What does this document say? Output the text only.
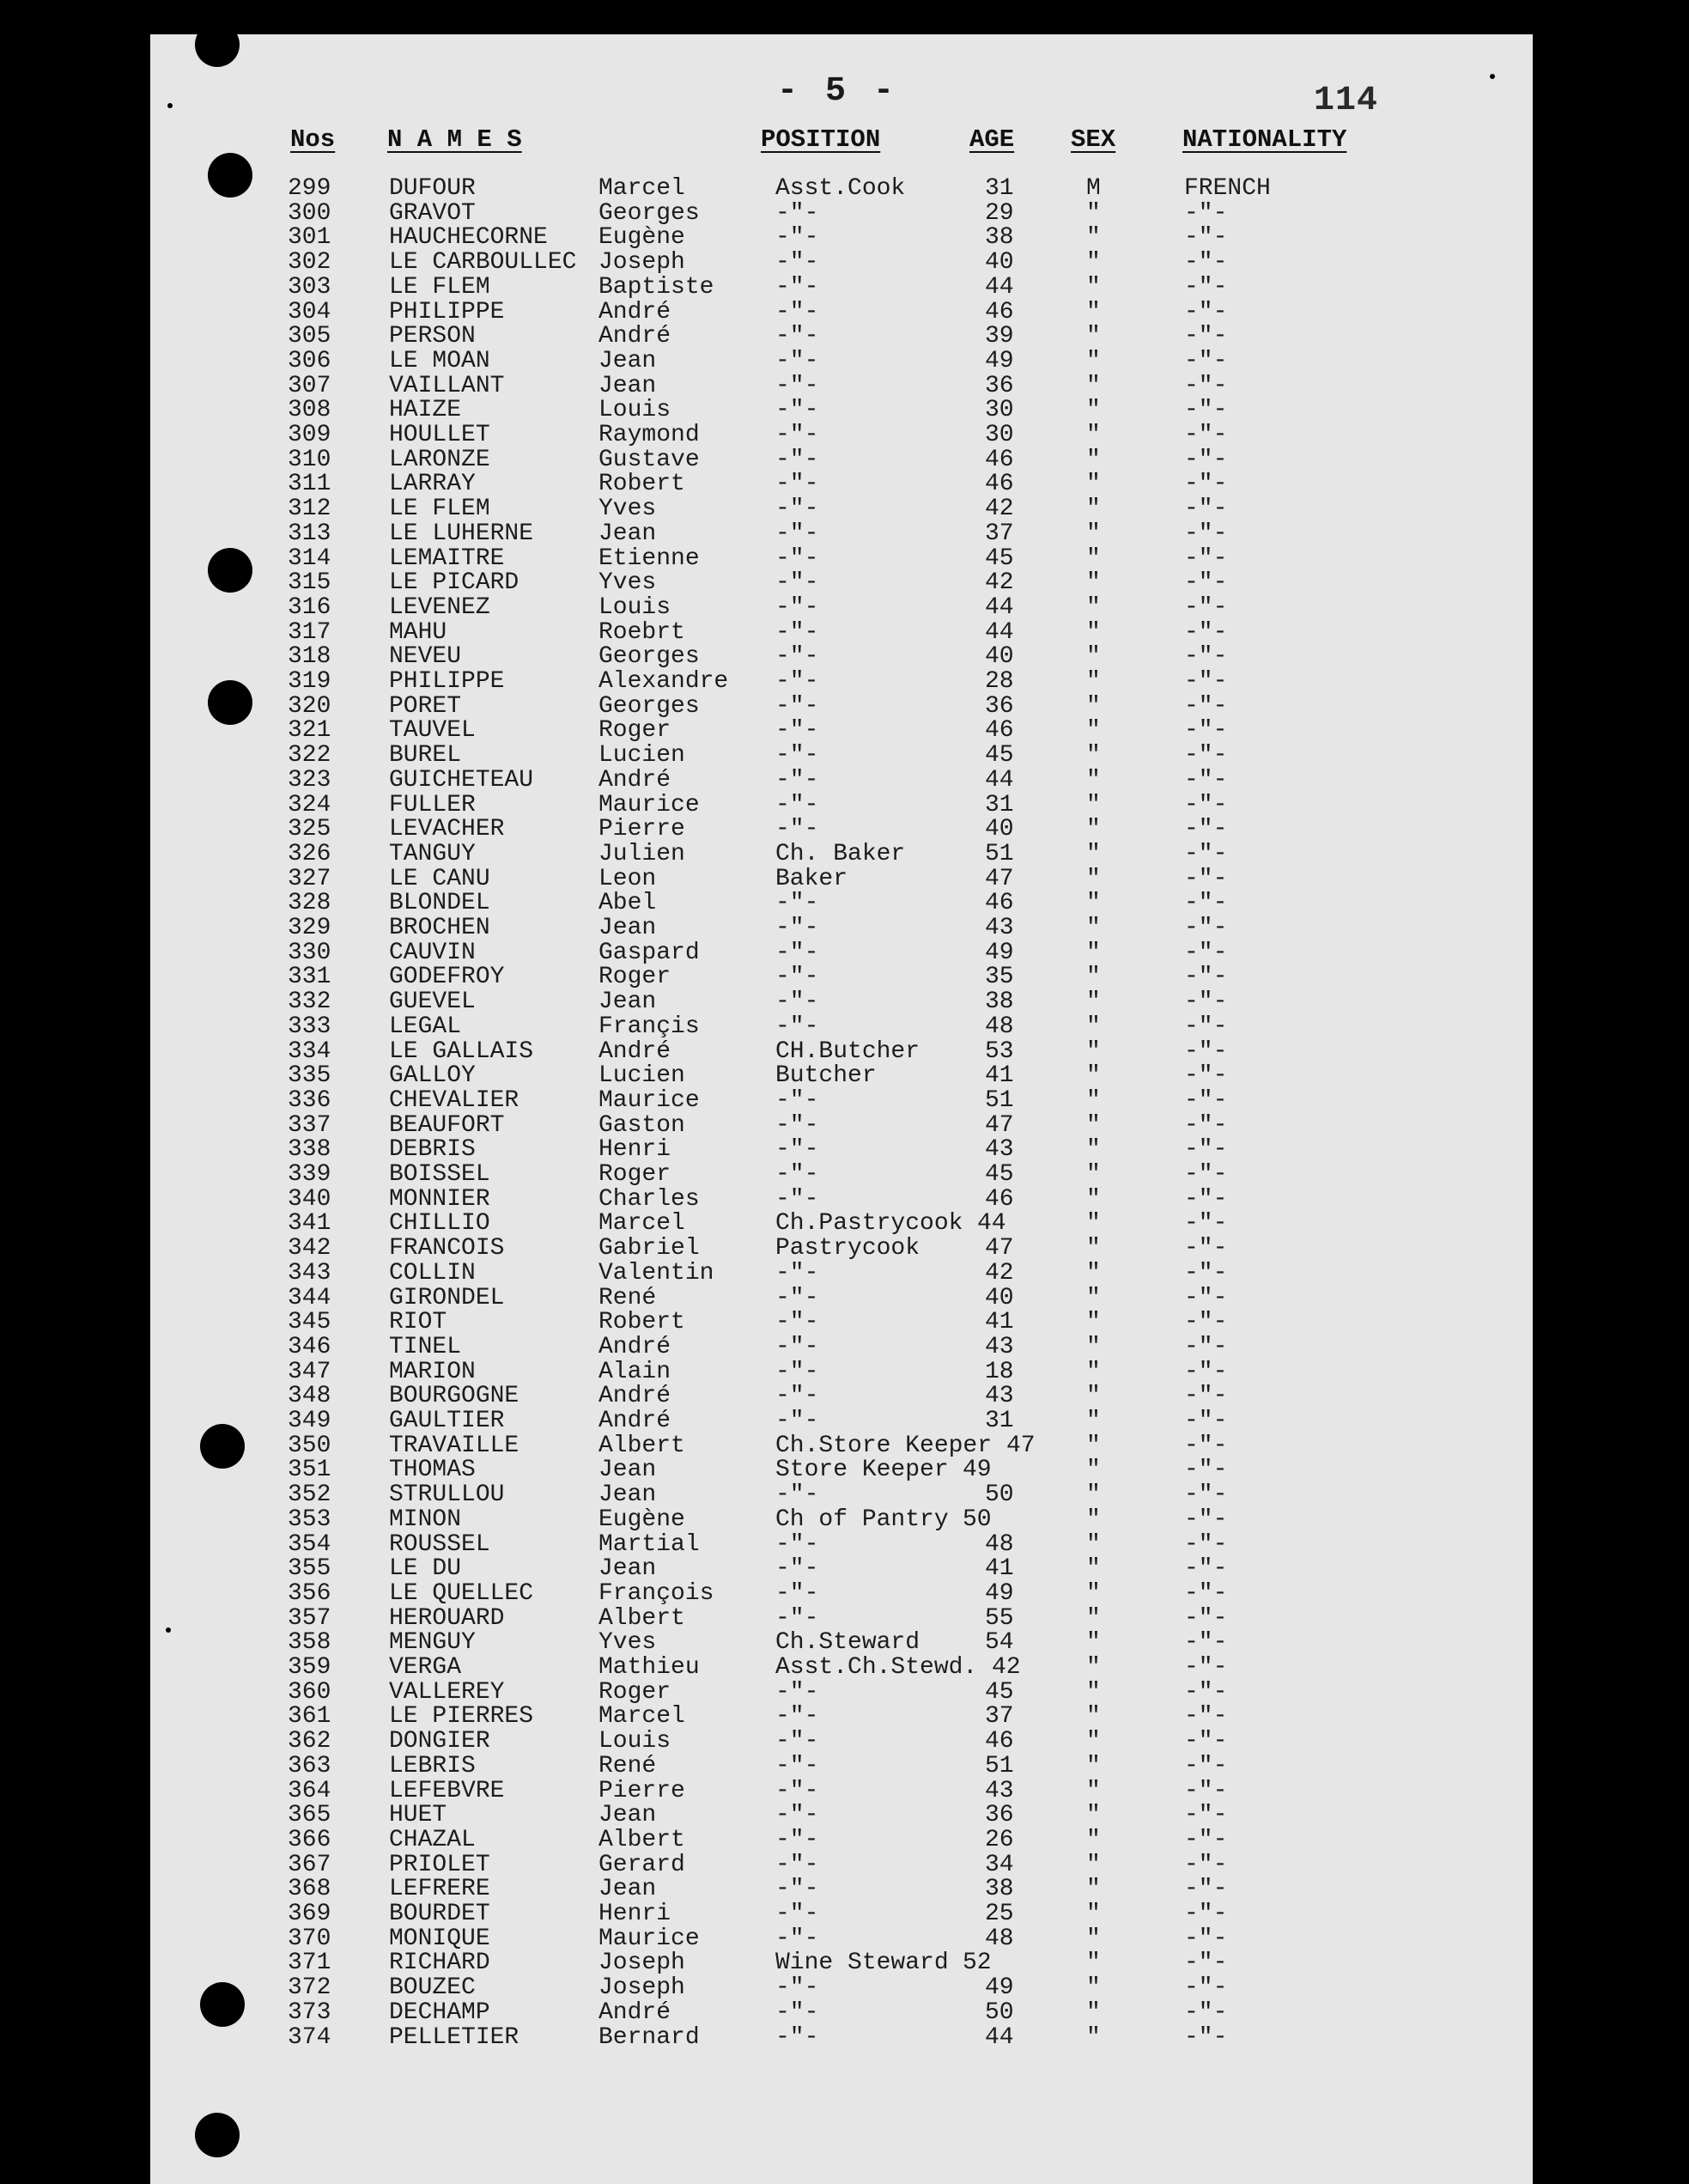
- 5 -	114
Nos N A M E S	POSITION	AGE SEX	NATIONALITY
299 DUFOUR	Marcel	Asst.Cook	31	M	FRENCH
300 GRAVOT	Georges	-"-	29	"	-"-
301 HAUCHECORNE Eugène	-"-	38	"	-"-
302 LE CARBOULLEC Joseph	-"-	40	"	-"-
303 LE FLEM	Baptiste	-"-	44	"	-"-
304 PHILIPPE	André	-"-	46	"	-"-
305 PERSON	André	-"-	39	"	-"-
306 LE MOAN	Jean	-"-	49	"	-"-
307 VAILLANT	Jean	-"-	36	"	-"-
308 HAIZE	Louis	-"-	30	"	-"-
309 HOULLET	Raymond	-"-	30	"	-"-
310 LARONZE	Gustave	-"-	46	"	-"-
311 LARRAY	Robert	-"-	46	"	-"-
312 LE FLEM	Yves	-"-	42	"	-"-
313 LE LUHERNE	Jean	-"-	37	"	-"-
314 LEMAITRE	Etienne	-"-	45	"	-"-
315 LE PICARD	Yves	-"-	42	"	-"-
316 LEVENEZ	Louis	-"-	44	"	-"-
317 MAHU	Roebrt	-"-	44	"	-"-
318 NEVEU	Georges	-"-	40	"	-"-
319 PHILIPPE	Alexandre -"-	28	"	-"-
320 PORET	Georges	-"-	36	"	-"-
321 TAUVEL	Roger	-"-	46	"	-"-
322 BUREL	Lucien	-"-	45	"	-"-
323 GUICHETEAU	André	-"-	44	"	-"-
324 FULLER	Maurice	-"-	31	"	-"-
325 LEVACHER	Pierre	-"-	40	"	-"-
326 TANGUY	Julien	Ch. Baker	51	"	-"-
327 LE CANU	Leon	Baker	47	"	-"-
328 BLONDEL	Abel	-"-	46	"	-"-
329 BROCHEN	Jean	-"-	43	"	-"-
330 CAUVIN	Gaspard	-"-	49	"	-"-
331 GODEFROY	Roger	-"-	35	"	-"-
332 GUEVEL	Jean	-"-	38	"	-"-
333 LEGAL	Françis	-"-	48	"	-"-
334 LE GALLAIS	André	CH.Butcher	53	"	-"-
335 GALLOY	Lucien	Butcher	41	"	-"-
336 CHEVALIER	Maurice	-"-	51	"	-"-
337 BEAUFORT	Gaston	-"-	47	"	-"-
338 DEBRIS	Henri	-"-	43	"	-"-
339 BOISSEL	Roger	-"-	45	"	-"-
340 MONNIER	Charles	-"-	46	"	-"-
341 CHILLIO	Marcel	Ch.Pastrycook 44	"	-"-
342 FRANCOIS	Gabriel	Pastrycook	47	"	-"-
343 COLLIN	Valentin	-"-	42	"	-"-
344 GIRONDEL	René	-"-	40	"	-"-
345 RIOT	Robert	-"-	41	"	-"-
346 TINEL	André	-"-	43	"	-"-
347 MARION	Alain	-"-	18	"	-"-
348 BOURGOGNE	André	-"-	43	"	-"-
349 GAULTIER	André	-"-	31	"	-"-
350 TRAVAILLE	Albert	Ch.Store Keeper 47 "	-"-
351 THOMAS	Jean	Store Keeper 49	"	-"-
352 STRULLOU	Jean	-"-	50	"	-"-
353 MINON	Eugène	Ch of Pantry 50	"	-"-
354 ROUSSEL	Martial	-"-	48	"	-"-
355 LE DU	Jean	-"-	41	"	-"-
356 LE QUELLEC	François	-"-	49	"	-"-
357 HEROUARD	Albert	-"-	55	"	-"-
358 MENGUY	Yves	Ch.Steward	54	"	-"-
359 VERGA	Mathieu	Asst.Ch.Stewd. 42	"	-"-
360 VALLEREY	Roger	-"-	45	"	-"-
361 LE PIERRES	Marcel	-"-	37	"	-"-
362 DONGIER	Louis	-"-	46	"	-"-
363 LEBRIS	René	-"-	51	"	-"-
364 LEFEBVRE	Pierre	-"-	43	"	-"-
365 HUET	Jean	-"-	36	"	-"-
366 CHAZAL	Albert	-"-	26	"	-"-
367 PRIOLET	Gerard	-"-	34	"	-"-
368 LEFRERE	Jean	-"-	38	"	-"-
369 BOURDET	Henri	-"-	25	"	-"-
370 MONIQUE	Maurice	-"-	48	"	-"-
371 RICHARD	Joseph	Wine Steward 52	"	-"-
372 BOUZEC	Joseph	-"-	49	"	-"-
373 DECHAMP	André	-"-	50	"	-"-
374 PELLETIER	Bernard	-"-	44	"	-"-
